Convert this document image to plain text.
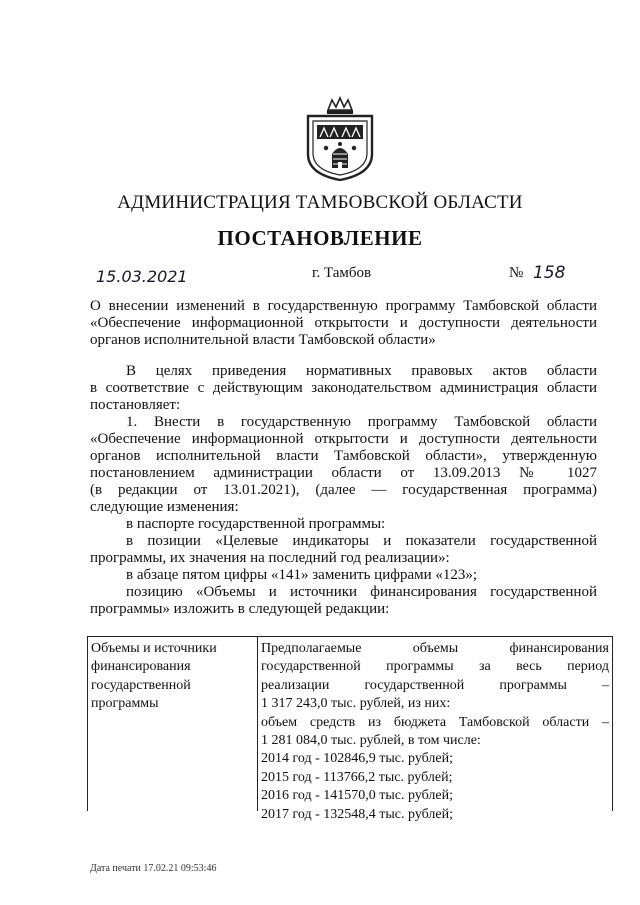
АДМИНИСТРАЦИЯ ТАМБОВСКОЙ ОБЛАСТИ
ПОСТАНОВЛЕНИЕ
15.03.2021	г. Тамбов	№ 158
О внесении изменений в государственную программу Тамбовской области
«Обеспечение информационной открытости и доступности деятельности
органов исполнительной власти Тамбовской области»
В целях приведения нормативных правовых актов области
в соответствие с действующим законодательством администрация области
постановляет:
1. Внести в государственную программу Тамбовской области
«Обеспечение информационной открытости и доступности деятельности
органов исполнительной власти Тамбовской области», утвержденную
постановлением администрации области от 13.09.2013 № 1027
(в редакции от 13.01.2021), (далее — государственная программа)
следующие изменения:
в паспорте государственной программы:
в позиции «Целевые индикаторы и показатели государственной
программы, их значения на последний год реализации»:
в абзаце пятом цифры «141» заменить цифрами «123»;
позицию «Объемы и источники финансирования государственной
программы» изложить в следующей редакции:
Объемы и источники
финансирования
государственной
программы
Предполагаемые объемы финансирования
государственной программы за весь период
реализации государственной программы –
1 317 243,0 тыс. рублей, из них:
объем средств из бюджета Тамбовской области –
1 281 084,0 тыс. рублей, в том числе:
2014 год - 102846,9 тыс. рублей;
2015 год - 113766,2 тыс. рублей;
2016 год - 141570,0 тыс. рублей;
2017 год - 132548,4 тыс. рублей;
Дата печати 17.02.21 09:53:46
